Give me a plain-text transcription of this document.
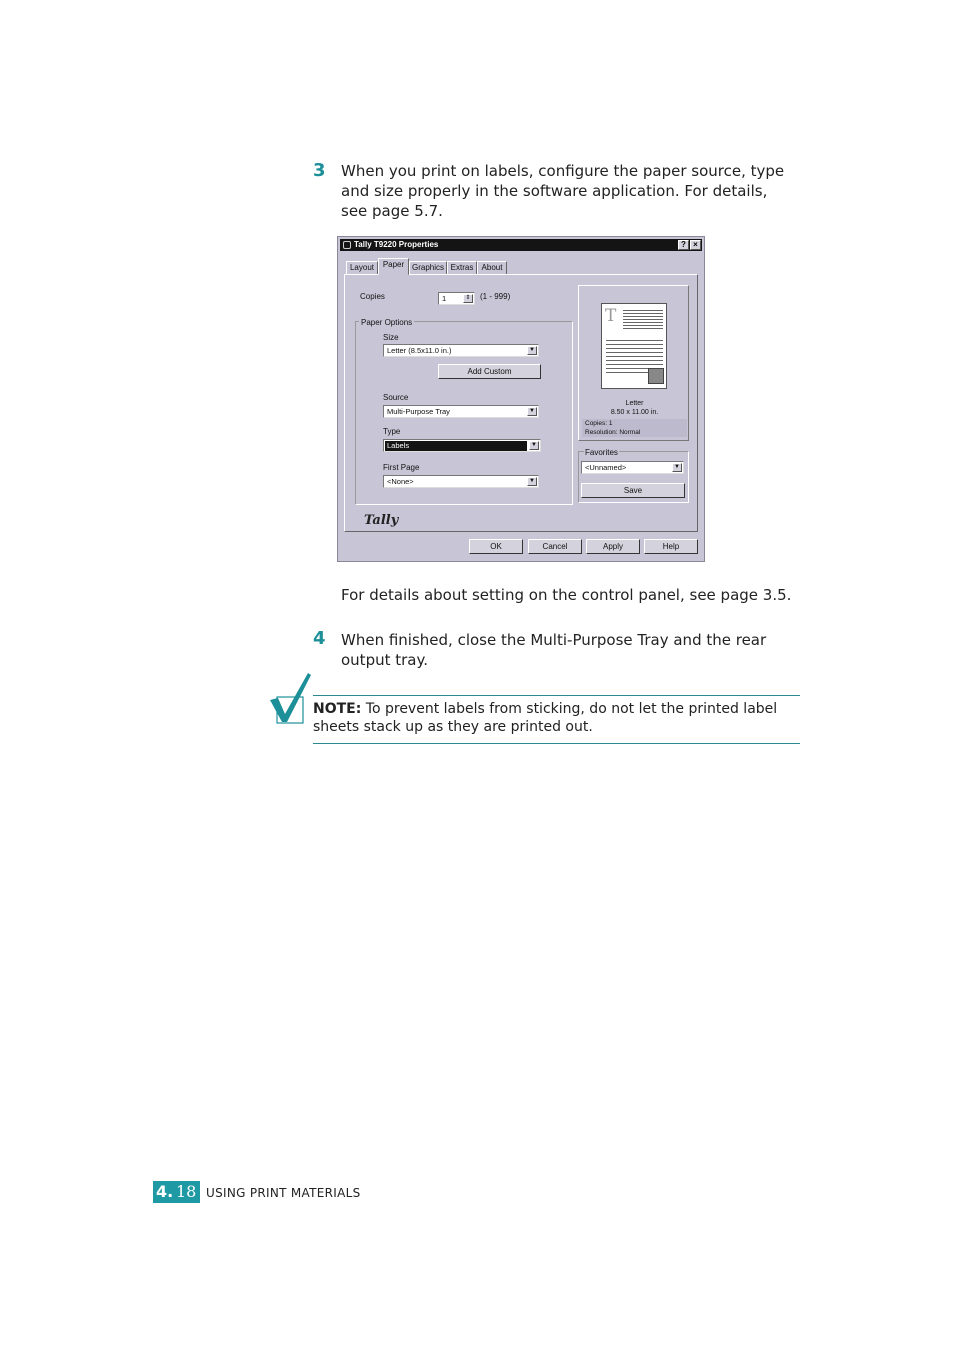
3 When you print on labels, configure the paper source, type
and size properly in the software application. For details,
see page 5.7.
Tally T9220 Properties	? ×
Layout	Paper Graphics Extras	About
Copies	1	⇕	(1 - 999)
Paper Options
Size
Letter (8.5x11.0 in.)	▼
Add Custom
Source
Multi-Purpose Tray	▼
Type
Labels	▼
First Page
<None>	▼
T
Letter
8.50 x 11.00 in.
Copies: 1
Resolution: Normal
Favorites
<Unnamed>	▼
Save
Tally
OK	Cancel	Apply	Help
For details about setting on the control panel, see page 3.5.
4 When finished, close the Multi-Purpose Tray and the rear
output tray.
NOTE: To prevent labels from sticking, do not let the printed label
sheets stack up as they are printed out.
4. 18 USING PRINT MATERIALS
